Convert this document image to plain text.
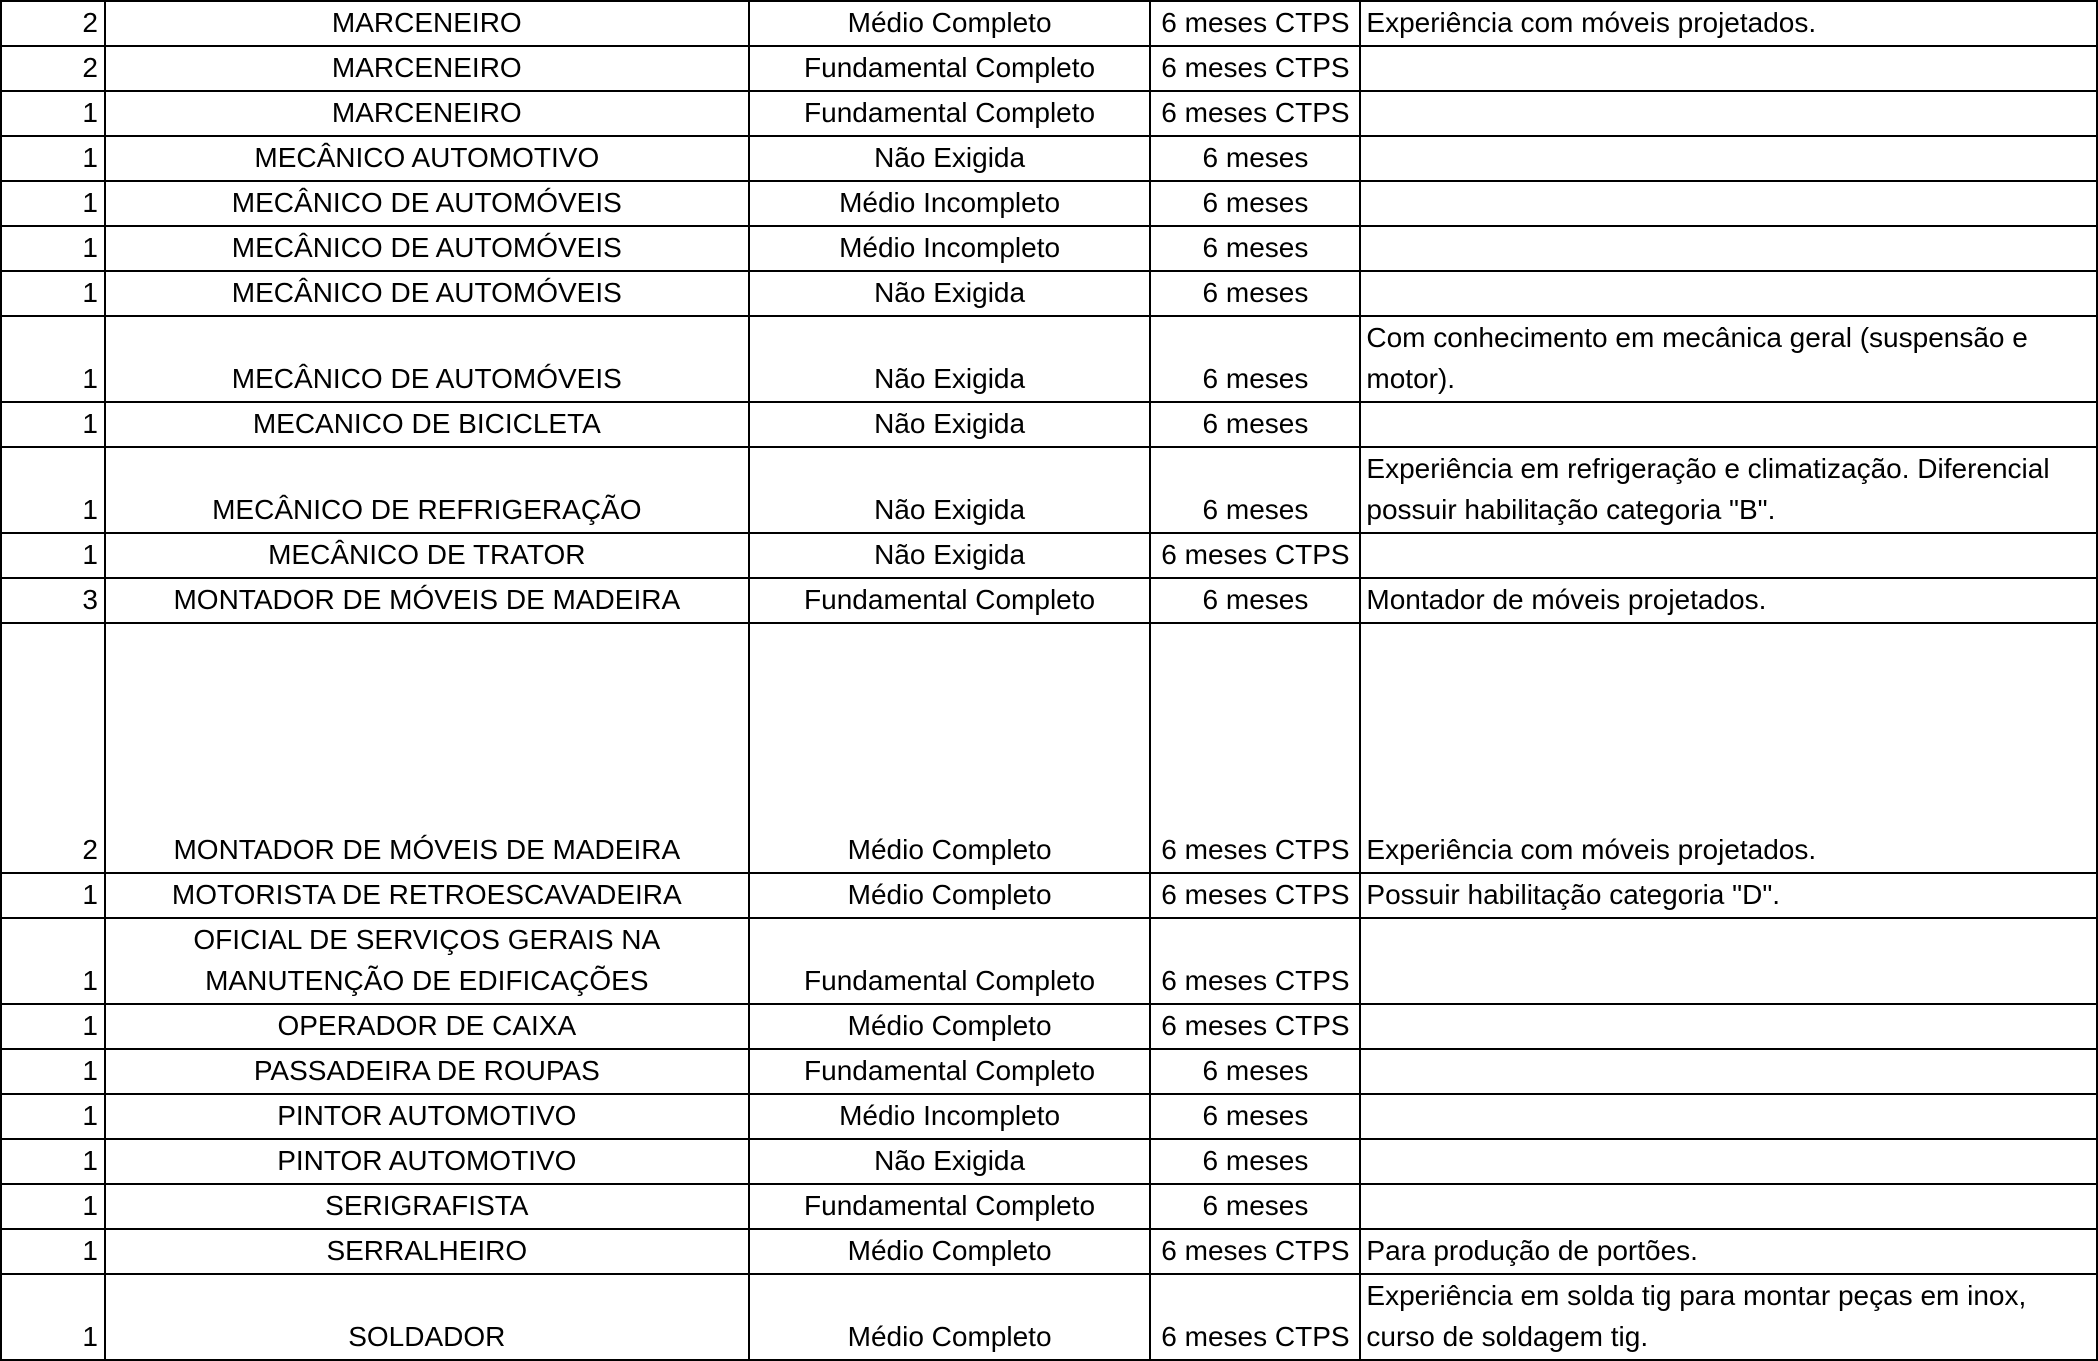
2	MARCENEIRO	Médio Completo	6 meses CTPS	Experiência com móveis projetados.
2	MARCENEIRO	Fundamental Completo	6 meses CTPS	
1	MARCENEIRO	Fundamental Completo	6 meses CTPS	
1	MECÂNICO AUTOMOTIVO	Não Exigida	6 meses	
1	MECÂNICO DE AUTOMÓVEIS	Médio Incompleto	6 meses	
1	MECÂNICO DE AUTOMÓVEIS	Médio Incompleto	6 meses	
1	MECÂNICO DE AUTOMÓVEIS	Não Exigida	6 meses	
1	MECÂNICO DE AUTOMÓVEIS	Não Exigida	6 meses	Com conhecimento em mecânica geral (suspensão e motor).
1	MECANICO DE BICICLETA	Não Exigida	6 meses	
1	MECÂNICO DE REFRIGERAÇÃO	Não Exigida	6 meses	Experiência em refrigeração e climatização. Diferencial possuir habilitação categoria "B".
1	MECÂNICO DE TRATOR	Não Exigida	6 meses CTPS	
3	MONTADOR DE MÓVEIS DE MADEIRA	Fundamental Completo	6 meses	Montador de móveis projetados.
2	MONTADOR DE MÓVEIS DE MADEIRA	Médio Completo	6 meses CTPS	Experiência com móveis projetados.
1	MOTORISTA DE RETROESCAVADEIRA	Médio Completo	6 meses CTPS	Possuir habilitação categoria "D".
1	OFICIAL DE SERVIÇOS GERAIS NA MANUTENÇÃO DE EDIFICAÇÕES	Fundamental Completo	6 meses CTPS	
1	OPERADOR DE CAIXA	Médio Completo	6 meses CTPS	
1	PASSADEIRA DE ROUPAS	Fundamental Completo	6 meses	
1	PINTOR AUTOMOTIVO	Médio Incompleto	6 meses	
1	PINTOR AUTOMOTIVO	Não Exigida	6 meses	
1	SERIGRAFISTA	Fundamental Completo	6 meses	
1	SERRALHEIRO	Médio Completo	6 meses CTPS	Para produção de portões.
1	SOLDADOR	Médio Completo	6 meses CTPS	Experiência em solda tig para montar peças em inox, curso de soldagem tig.
